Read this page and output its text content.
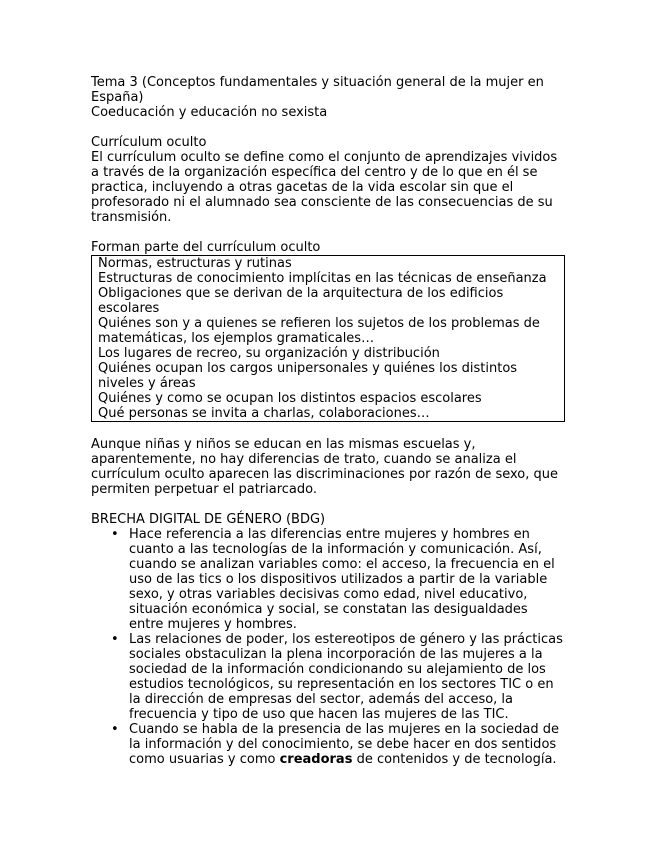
Tema 3 (Conceptos fundamentales y situación general de la mujer en España)

Coeducación y educación no sexista

Currículum oculto

El currículum oculto se define como el conjunto de aprendizajes vividos a través de la organización específica del centro y de lo que en él se practica, incluyendo a otras gacetas de la vida escolar sin que el profesorado ni el alumnado sea consciente de las consecuencias de su transmisión.

Forman parte del currículum oculto

Normas, estructuras y rutinas

Estructuras de conocimiento implícitas en las técnicas de enseñanza

Obligaciones que se derivan de la arquitectura de los edificios escolares

Quiénes son y a quienes se refieren los sujetos de los problemas de matemáticas, los ejemplos gramaticales…

Los lugares de recreo, su organización y distribución

Quiénes ocupan los cargos unipersonales y quiénes los distintos niveles y áreas

Quiénes y como se ocupan los distintos espacios escolares

Qué personas se invita a charlas, colaboraciones…

Aunque niñas y niños se educan en las mismas escuelas y, aparentemente, no hay diferencias de trato, cuando se analiza el currículum oculto aparecen las discriminaciones por razón de sexo, que permiten perpetuar el patriarcado.

BRECHA DIGITAL DE GÉNERO (BDG)

• Hace referencia a las diferencias entre mujeres y hombres en cuanto a las tecnologías de la información y comunicación. Así, cuando se analizan variables como: el acceso, la frecuencia en el uso de las tics o los dispositivos utilizados a partir de la variable sexo, y otras variables decisivas como edad, nivel educativo, situación económica y social, se constatan las desigualdades entre mujeres y hombres.
• Las relaciones de poder, los estereotipos de género y las prácticas sociales obstaculizan la plena incorporación de las mujeres a la sociedad de la información condicionando su alejamiento de los estudios tecnológicos, su representación en los sectores TIC o en la dirección de empresas del sector, además del acceso, la frecuencia y tipo de uso que hacen las mujeres de las TIC.
• Cuando se habla de la presencia de las mujeres en la sociedad de la información y del conocimiento, se debe hacer en dos sentidos como usuarias y como creadoras de contenidos y de tecnología.
